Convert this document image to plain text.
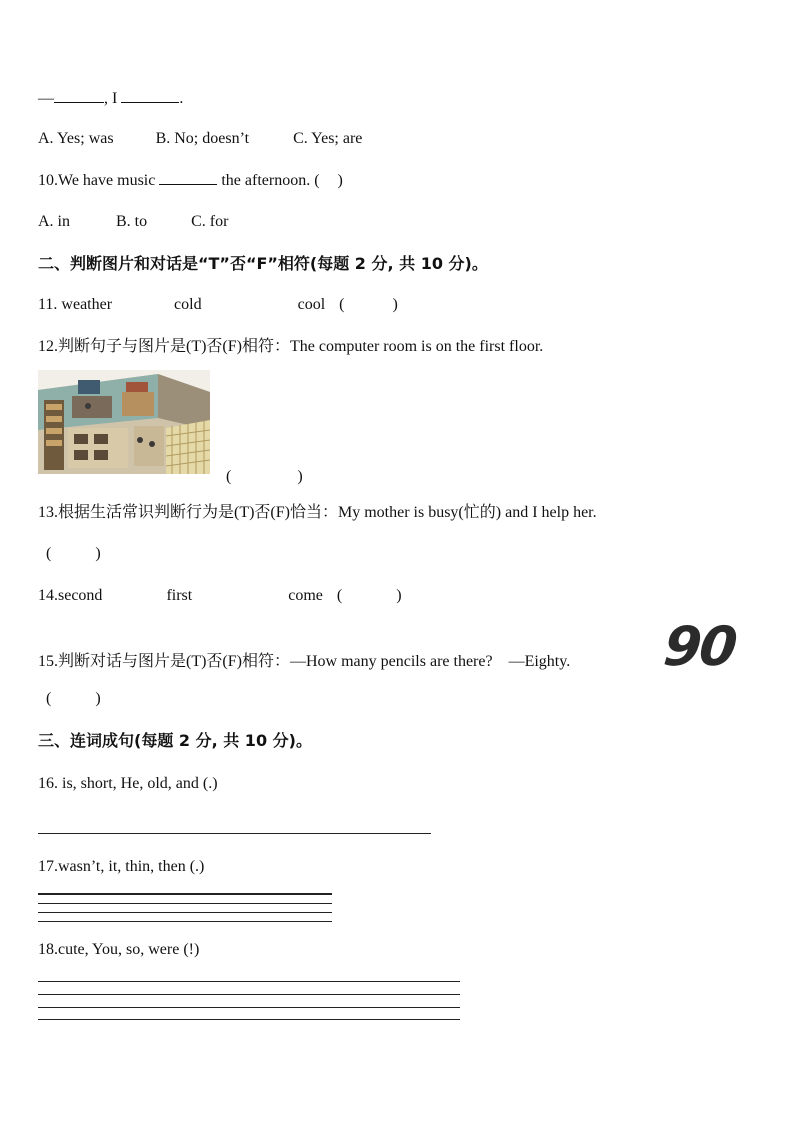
—	, I	.
A. Yes; was	B. No; doesn’t	C. Yes; are
10.We have music	the afternoon. ( )
A. in	B. to	C. for
二、判断图片和对话是“T”否“F”相符(每题 2 分, 共 10 分)。
11. weather	cold	cool (	)
12.判断句子与图片是(T)否(F)相符：The computer room is on the first floor.
(	)
13.根据生活常识判断行为是(T)否(F)恰当：My mother is busy(忙的) and I help her.
(	)
14.second	first	come (	)
15.判断对话与图片是(T)否(F)相符：—How many pencils are there?　—Eighty. 90
(	)
三、连词成句(每题 2 分, 共 10 分)。
16. is, short, He, old, and (.)
17.wasn’t, it, thin, then (.)
18.cute, You, so, were (!)
